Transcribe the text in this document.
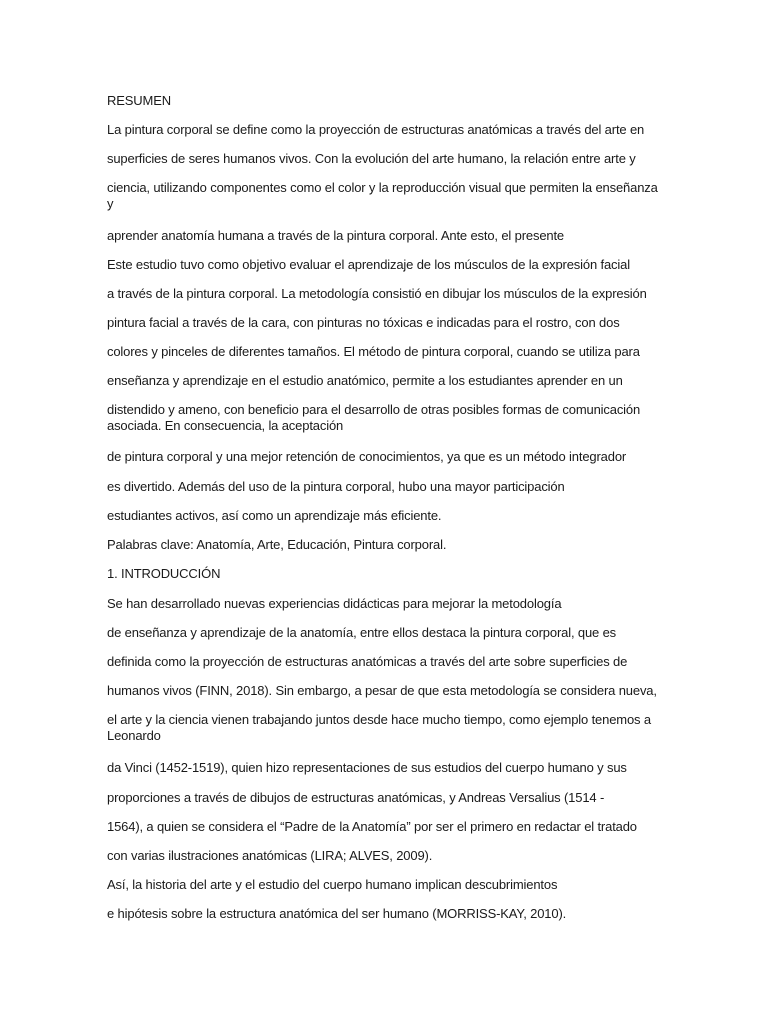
RESUMEN
La pintura corporal se define como la proyección de estructuras anatómicas a través del arte en
superficies de seres humanos vivos. Con la evolución del arte humano, la relación entre arte y
ciencia, utilizando componentes como el color y la reproducción visual que permiten la enseñanza y
aprender anatomía humana a través de la pintura corporal. Ante esto, el presente
Este estudio tuvo como objetivo evaluar el aprendizaje de los músculos de la expresión facial
a través de la pintura corporal. La metodología consistió en dibujar los músculos de la expresión
pintura facial a través de la cara, con pinturas no tóxicas e indicadas para el rostro, con dos
colores y pinceles de diferentes tamaños. El método de pintura corporal, cuando se utiliza para
enseñanza y aprendizaje en el estudio anatómico, permite a los estudiantes aprender en un
distendido y ameno, con beneficio para el desarrollo de otras posibles formas de comunicación asociada. En consecuencia, la aceptación
de pintura corporal y una mejor retención de conocimientos, ya que es un método integrador
es divertido. Además del uso de la pintura corporal, hubo una mayor participación
estudiantes activos, así como un aprendizaje más eficiente.
Palabras clave: Anatomía, Arte, Educación, Pintura corporal.
1. INTRODUCCIÓN
Se han desarrollado nuevas experiencias didácticas para mejorar la metodología
de enseñanza y aprendizaje de la anatomía, entre ellos destaca la pintura corporal, que es
definida como la proyección de estructuras anatómicas a través del arte sobre superficies de
humanos vivos (FINN, 2018). Sin embargo, a pesar de que esta metodología se considera nueva,
el arte y la ciencia vienen trabajando juntos desde hace mucho tiempo, como ejemplo tenemos a Leonardo
da Vinci (1452-1519), quien hizo representaciones de sus estudios del cuerpo humano y sus
proporciones a través de dibujos de estructuras anatómicas, y Andreas Versalius (1514 -
1564), a quien se considera el “Padre de la Anatomía” por ser el primero en redactar el tratado
con varias ilustraciones anatómicas (LIRA; ALVES, 2009).
Así, la historia del arte y el estudio del cuerpo humano implican descubrimientos
e hipótesis sobre la estructura anatómica del ser humano (MORRISS-KAY, 2010).
